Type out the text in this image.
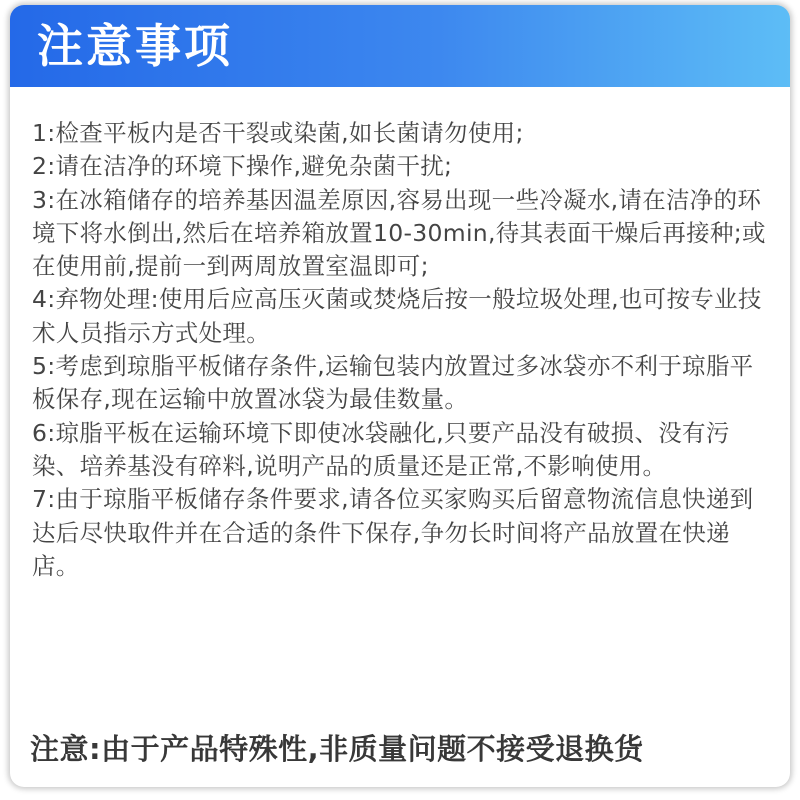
注意事项

1:检查平板内是否干裂或染菌,如长菌请勿使用;

2:请在洁净的环境下操作,避免杂菌干扰;

3:在冰箱储存的培养基因温差原因,容易出现一些冷凝水,请在洁净的环境下将水倒出,然后在培养箱放置10-30min,待其表面干燥后再接种;或在使用前,提前一到两周放置室温即可;

4:弃物处理:使用后应高压灭菌或焚烧后按一般垃圾处理,也可按专业技术人员指示方式处理。

5:考虑到琼脂平板储存条件,运输包装内放置过多冰袋亦不利于琼脂平板保存,现在运输中放置冰袋为最佳数量。

6:琼脂平板在运输环境下即使冰袋融化,只要产品没有破损、没有污染、培养基没有碎料,说明产品的质量还是正常,不影响使用。

7:由于琼脂平板储存条件要求,请各位买家购买后留意物流信息快递到达后尽快取件并在合适的条件下保存,争勿长时间将产品放置在快递店。

注意:由于产品特殊性,非质量问题不接受退换货
